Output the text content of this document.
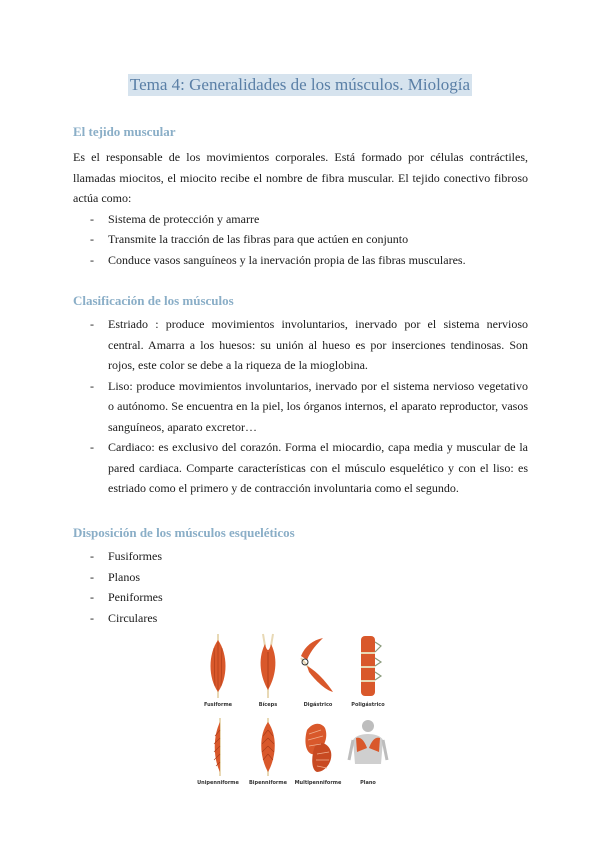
Tema 4: Generalidades de los músculos. Miología
El tejido muscular

Es el responsable de los movimientos corporales. Está formado por células contráctiles, llamadas miocitos, el miocito recibe el nombre de fibra muscular. El tejido conectivo fibroso actúa como:

- Sistema de protección y amarre
- Transmite la tracción de las fibras para que actúen en conjunto
- Conduce vasos sanguíneos y la inervación propia de las fibras musculares.
Clasificación de los músculos
- Estriado : produce movimientos involuntarios, inervado por el sistema nervioso central. Amarra a los huesos: su unión al hueso es por inserciones tendinosas. Son rojos, este color se debe a la riqueza de la mioglobina.
- Liso: produce movimientos involuntarios, inervado por el sistema nervioso vegetativo o autónomo. Se encuentra en la piel, los órganos internos, el aparato reproductor, vasos sanguíneos, aparato excretor…
- Cardiaco: es exclusivo del corazón. Forma el miocardio, capa media y muscular de la pared cardiaca. Comparte características con el músculo esquelético y con el liso: es estriado como el primero y de contracción involuntaria como el segundo.
Disposición de los músculos esqueléticos
- Fusiformes
- Planos
- Peniformes
- Circulares
Fusiforme	Bíceps	Digástrico	Poligástrico
Unipenniforme	Bipenniforme	Multipenniforme	Plano
